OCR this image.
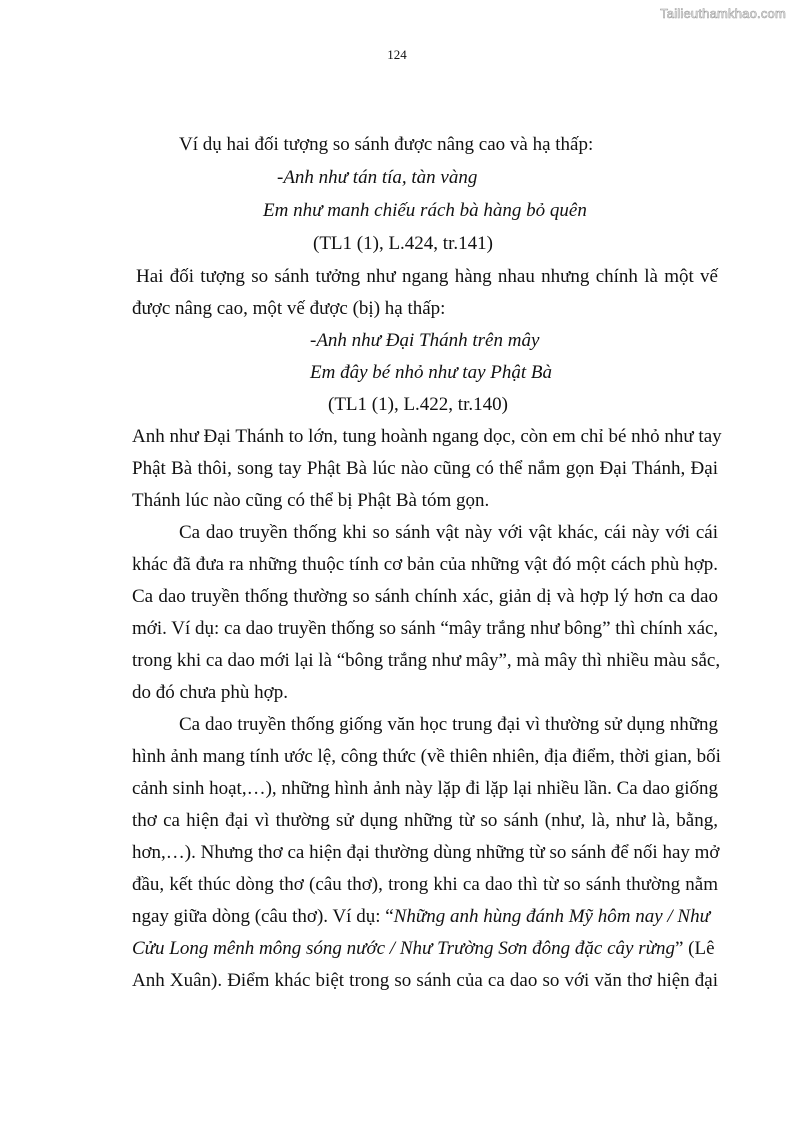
Tailieuthamkhao.com
124
Ví dụ hai đối tượng so sánh được nâng cao và hạ thấp:
-Anh như tán tía, tàn vàng
Em như manh chiếu rách bà hàng bỏ quên
(TL1 (1), L.424, tr.141)
Hai đối tượng so sánh tưởng như ngang hàng nhau nhưng chính là một vế
được nâng cao, một vế được (bị) hạ thấp:
-Anh như Đại Thánh trên mây
Em đây bé nhỏ như tay Phật Bà
(TL1 (1), L.422, tr.140)
Anh như Đại Thánh to lớn, tung hoành ngang dọc, còn em chỉ bé nhỏ như tay
Phật Bà thôi, song tay Phật Bà lúc nào cũng có thể nắm gọn Đại Thánh, Đại
Thánh lúc nào cũng có thể bị Phật Bà tóm gọn.
Ca dao truyền thống khi so sánh vật này với vật khác, cái này với cái
khác đã đưa ra những thuộc tính cơ bản của những vật đó một cách phù hợp.
Ca dao truyền thống thường so sánh chính xác, giản dị và hợp lý hơn ca dao
mới. Ví dụ: ca dao truyền thống so sánh “mây trắng như bông” thì chính xác,
trong khi ca dao mới lại là “bông trắng như mây”, mà mây thì nhiều màu sắc,
do đó chưa phù hợp.
Ca dao truyền thống giống văn học trung đại vì thường sử dụng những
hình ảnh mang tính ước lệ, công thức (về thiên nhiên, địa điểm, thời gian, bối
cảnh sinh hoạt,…), những hình ảnh này lặp đi lặp lại nhiều lần. Ca dao giống
thơ ca hiện đại vì thường sử dụng những từ so sánh (như, là, như là, bằng,
hơn,…). Nhưng thơ ca hiện đại thường dùng những từ so sánh để nối hay mở
đầu, kết thúc dòng thơ (câu thơ), trong khi ca dao thì từ so sánh thường nằm
ngay giữa dòng (câu thơ). Ví dụ: “Những anh hùng đánh Mỹ hôm nay / Như
Cửu Long mênh mông sóng nước / Như Trường Sơn đông đặc cây rừng” (Lê
Anh Xuân). Điểm khác biệt trong so sánh của ca dao so với văn thơ hiện đại
